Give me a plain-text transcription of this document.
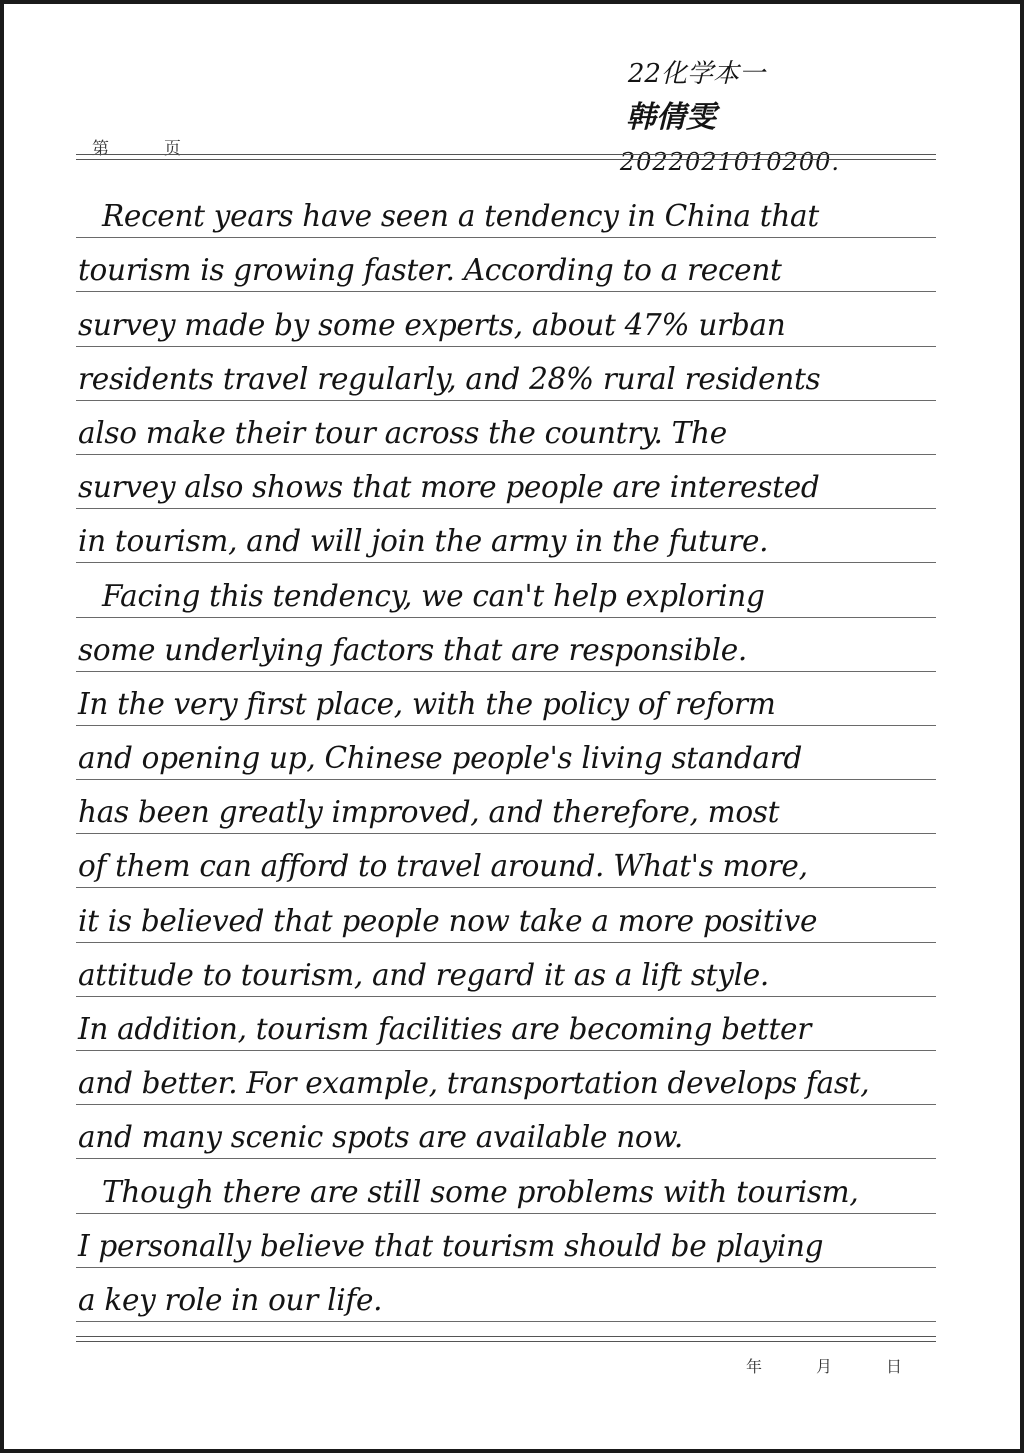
22化学本一
韩倩雯
2022021010200.
第	页
Recent years have seen a tendency in China that
tourism is growing faster. According to a recent
survey made by some experts, about 47% urban
residents travel regularly, and 28% rural residents
also make their tour across the country. The
survey also shows that more people are interested
in tourism, and will join the army in the future.
Facing this tendency, we can't help exploring
some underlying factors that are responsible.
In the very first place, with the policy of reform
and opening up, Chinese people's living standard
has been greatly improved, and therefore, most
of them can afford to travel around. What's more,
it is believed that people now take a more positive
attitude to tourism, and regard it as a lift style.
In addition, tourism facilities are becoming better
and better. For example, transportation develops fast,
and many scenic spots are available now.
Though there are still some problems with tourism,
I personally believe that tourism should be playing
a key role in our life.
年	月	日
